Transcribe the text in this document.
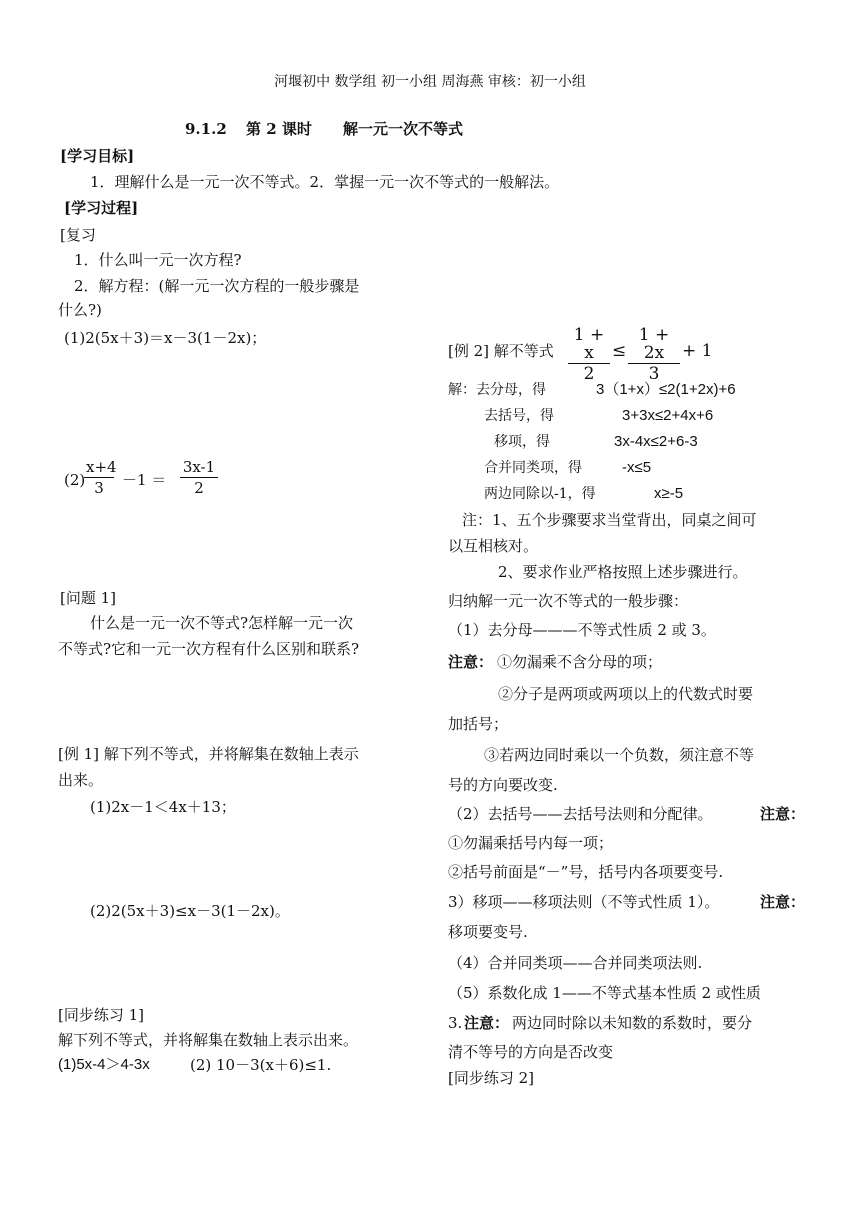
河堰初中 数学组 初一小组 周海燕 审核：初一小组
9.1.2 第 2 课时 解一元一次不等式
[学习目标]
1．理解什么是一元一次不等式。2．掌握一元一次不等式的一般解法。
[学习过程]
[复习
1．什么叫一元一次方程?
2．解方程：(解一元一次方程的一般步骤是
什么?)
(1)2(5x＋3)＝x－3(1－2x)；
(2)
x+4
3	－1 ＝
3x-1
2
[问题 1]
什么是一元一次不等式?怎样解一元一次
不等式?它和一元一次方程有什么区别和联系?
[例 1] 解下列不等式，并将解集在数轴上表示
出来。
(1)2x－1＜4x＋13；
(2)2(5x＋3)≤x－3(1－2x)。
[同步练习 1]
解下列不等式，并将解集在数轴上表示出来。
(1)5x-4＞4-3x	(2) 10－3(x＋6)≤1.
[例 2] 解不等式
1 + x
2
≤
1 + 2x
3
+ 1
解：去分母，得	3（1+x）≤2(1+2x)+6
去括号，得	3+3x≤2+4x+6
移项，得	3x-4x≤2+6-3
合并同类项，得	-x≤5
两边同除以-1，得	x≥-5
注：1、五个步骤要求当堂背出，同桌之间可
以互相核对。
2、要求作业严格按照上述步骤进行。
归纳解一元一次不等式的一般步骤：
（1）去分母———不等式性质 2 或 3。
注意： ①勿漏乘不含分母的项；
②分子是两项或两项以上的代数式时要
加括号；
③若两边同时乘以一个负数，须注意不等
号的方向要改变.
（2）去括号——去括号法则和分配律。	注意：
①勿漏乘括号内每一项；
②括号前面是“－”号，括号内各项要变号.
3）移项——移项法则（不等式性质 1）。	注意：
移项要变号.
（4）合并同类项——合并同类项法则.
（5）系数化成 1——不等式基本性质 2 或性质
3. 注意： 两边同时除以未知数的系数时，要分
清不等号的方向是否改变
[同步练习 2]
